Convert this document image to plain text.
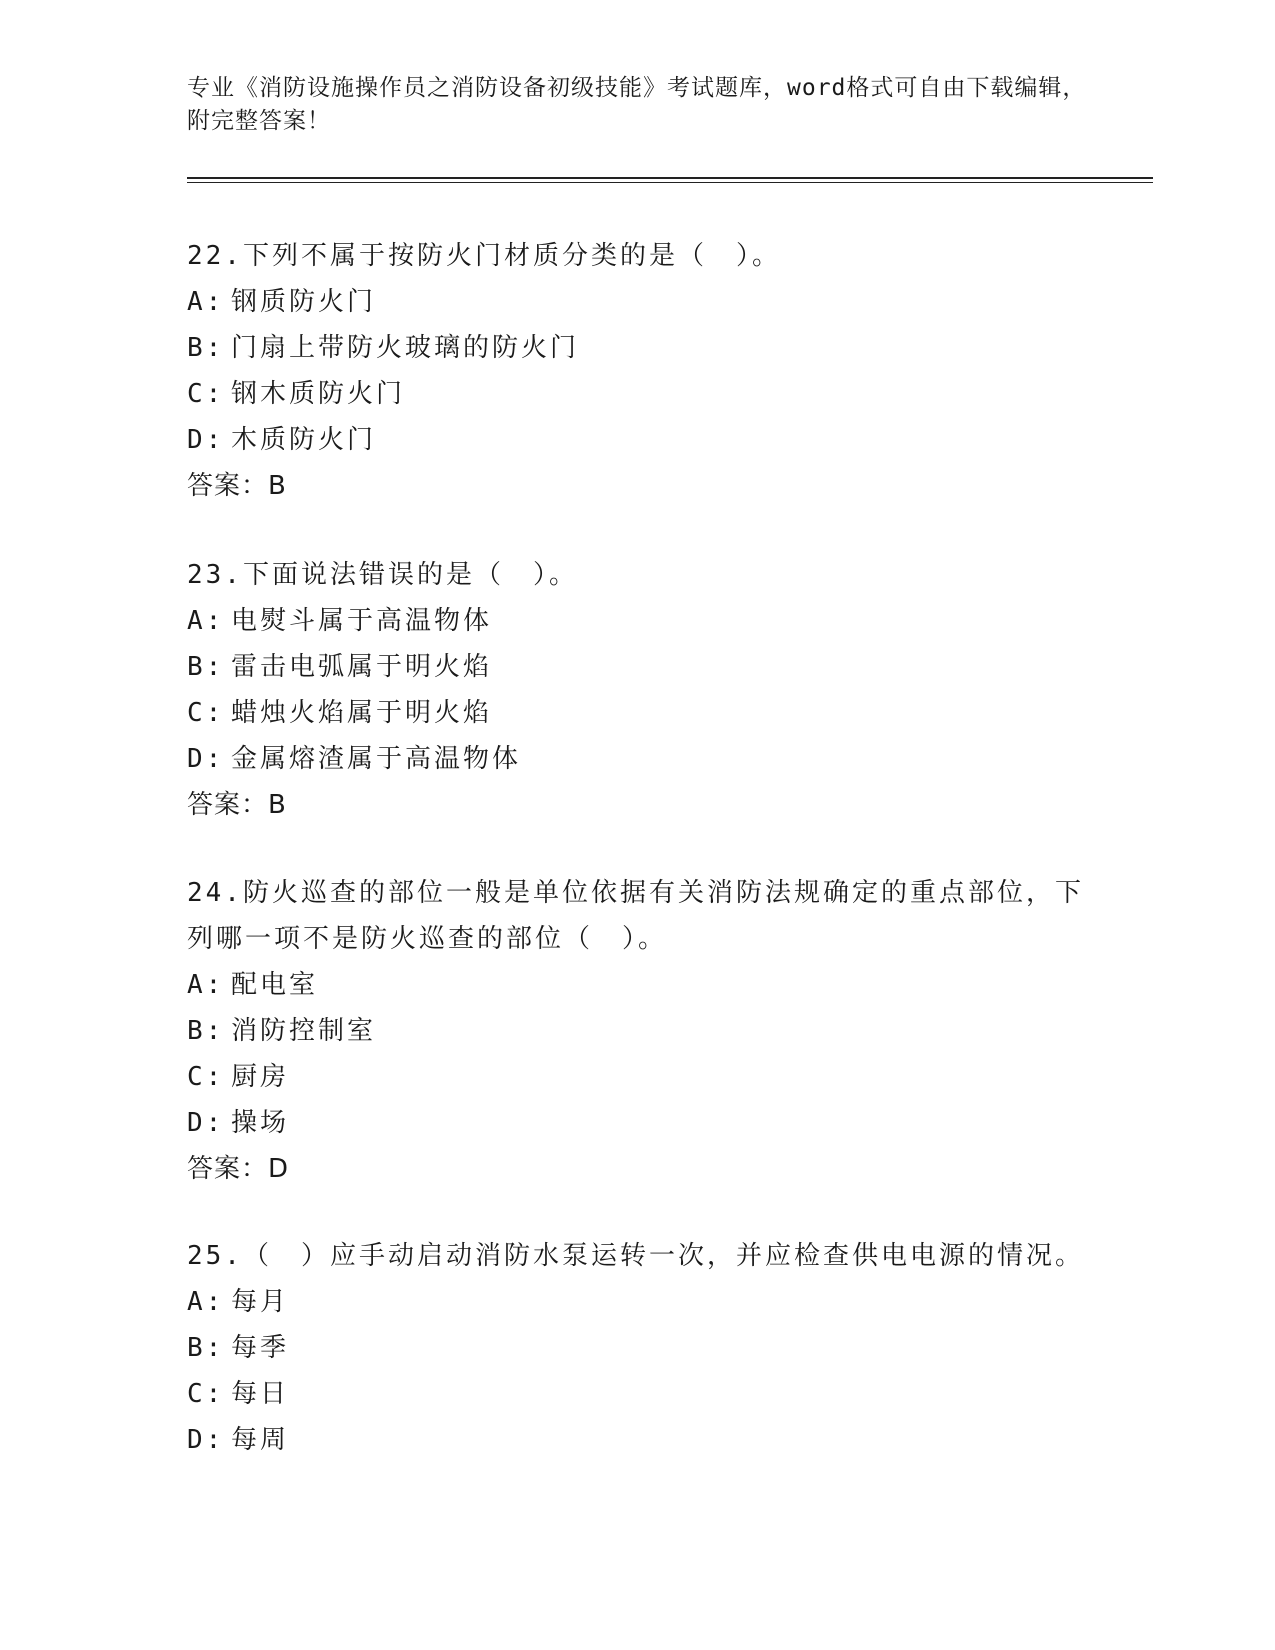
专业《消防设施操作员之消防设备初级技能》考试题库，word格式可自由下载编辑，附完整答案！

22.下列不属于按防火门材质分类的是（　）。

A: 钢质防火门

B: 门扇上带防火玻璃的防火门

C: 钢木质防火门

D: 木质防火门

答案：B

23.下面说法错误的是（　）。

A: 电熨斗属于高温物体

B: 雷击电弧属于明火焰

C: 蜡烛火焰属于明火焰

D: 金属熔渣属于高温物体

答案：B

24.防火巡查的部位一般是单位依据有关消防法规确定的重点部位，下列哪一项不是防火巡查的部位（　）。

A: 配电室

B: 消防控制室

C: 厨房

D: 操场

答案：D

25.（　）应手动启动消防水泵运转一次，并应检查供电电源的情况。

A: 每月

B: 每季

C: 每日

D: 每周
